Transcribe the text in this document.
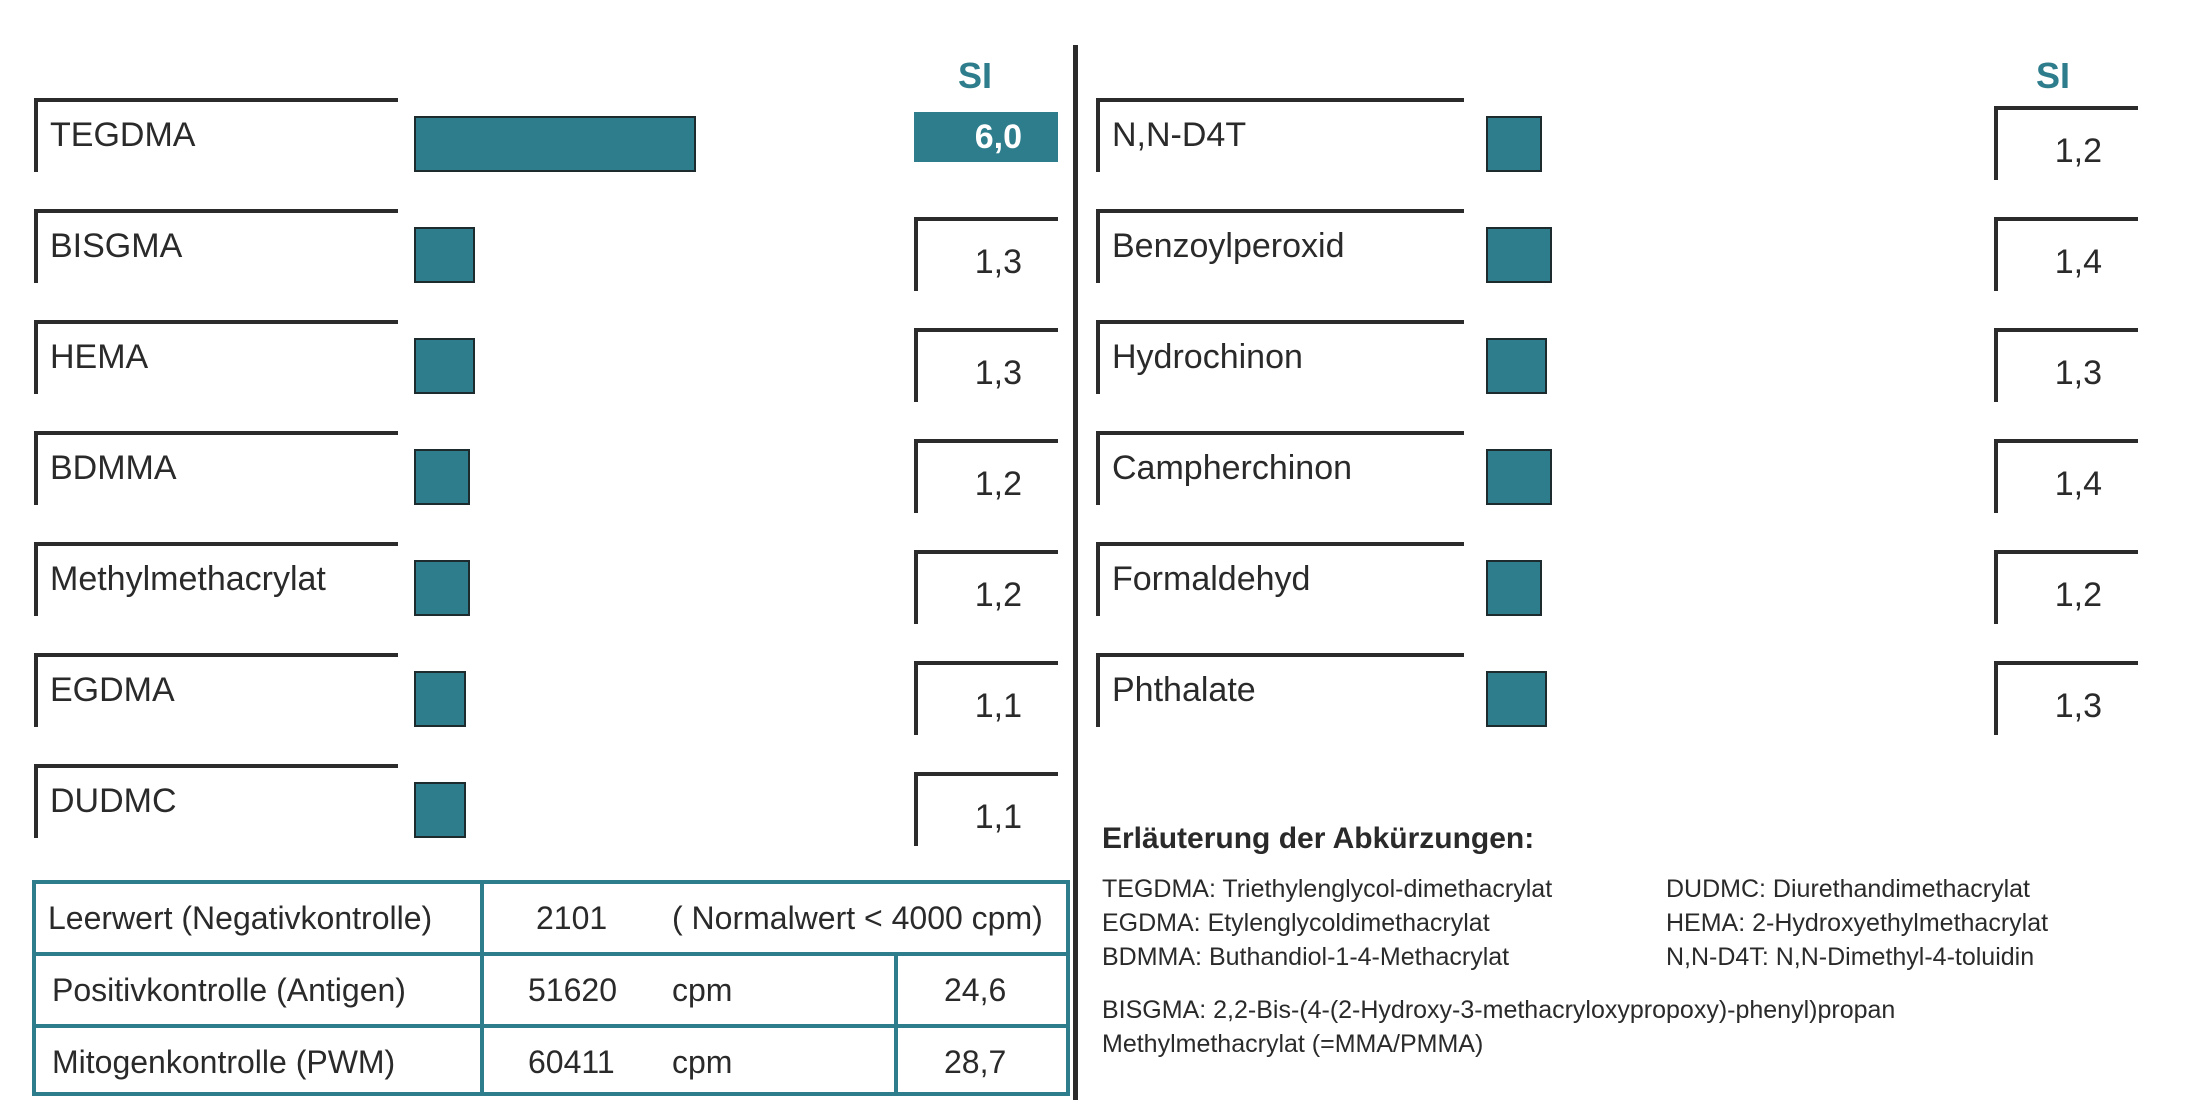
SI	SI
TEGDMA	6,0
BISGMA	1,3
HEMA	1,3
BDMMA	1,2
Methylmethacrylat	1,2
EGDMA	1,1
DUDMC	1,1
N,N-D4T	1,2
Benzoylperoxid	1,4
Hydrochinon	1,3
Campherchinon	1,4
Formaldehyd	1,2
Phthalate	1,3
Leerwert (Negativkontrolle)	2101 ( Normalwert < 4000 cpm)
Positivkontrolle (Antigen)	51620 cpm	24,6
Mitogenkontrolle (PWM)	60411 cpm	28,7
Erläuterung der Abkürzungen:
TEGDMA: Triethylenglycol-dimethacrylat
EGDMA: Etylenglycoldimethacrylat
BDMMA: Buthandiol-1-4-Methacrylat
DUDMC: Diurethandimethacrylat
HEMA: 2-Hydroxyethylmethacrylat
N,N-D4T: N,N-Dimethyl-4-toluidin
BISGMA: 2,2-Bis-(4-(2-Hydroxy-3-methacryloxypropoxy)-phenyl)propan
Methylmethacrylat (=MMA/PMMA)
